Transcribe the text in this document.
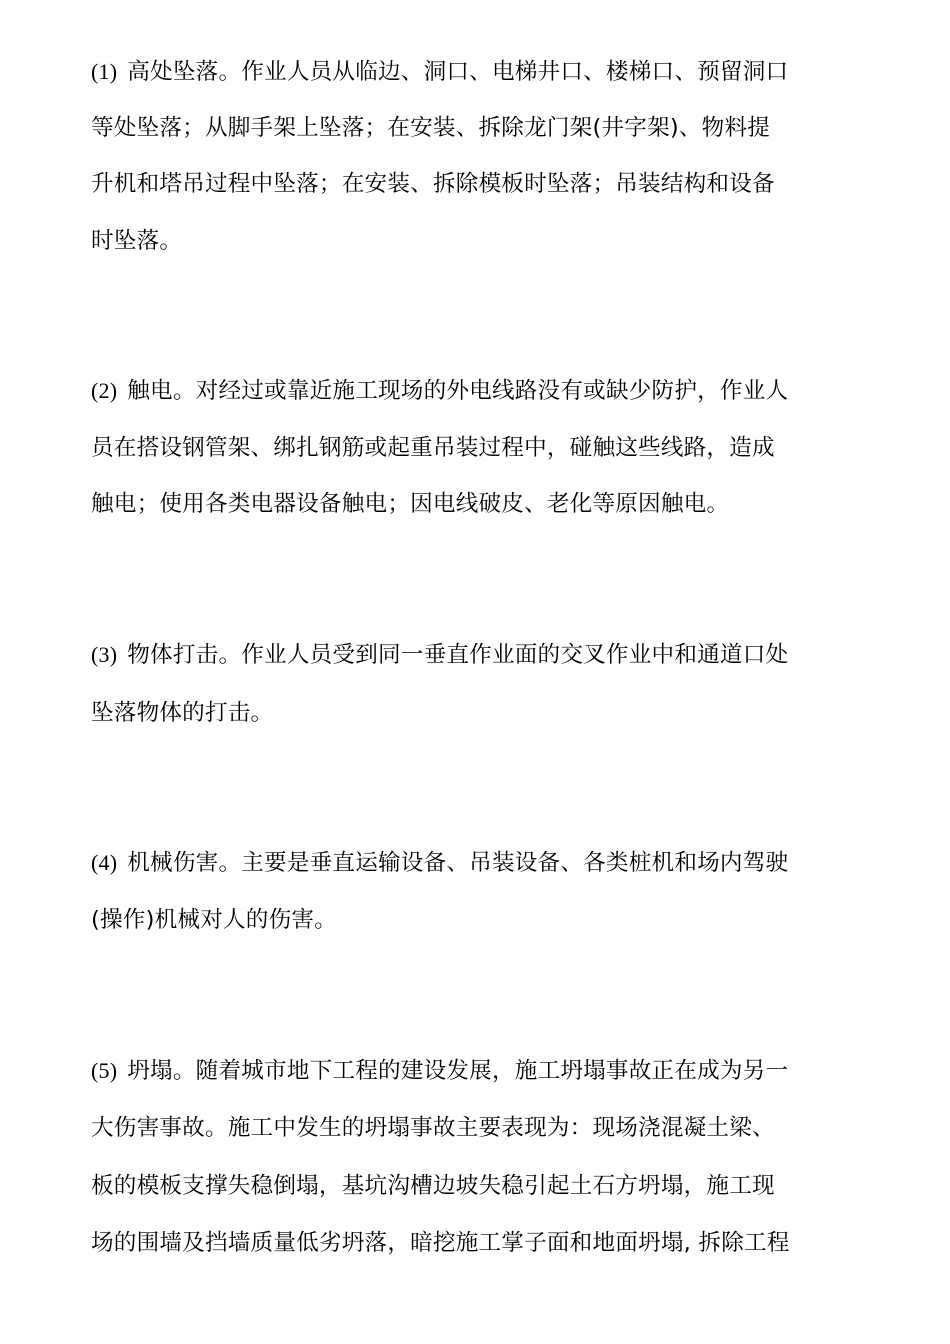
(1) 高处坠落。作业人员从临边、洞口、电梯井口、楼梯口、预留洞口
等处坠落；从脚手架上坠落；在安装、拆除龙门架(井字架)、物料提
升机和塔吊过程中坠落；在安装、拆除模板时坠落；吊装结构和设备
时坠落。
(2) 触电。对经过或靠近施工现场的外电线路没有或缺少防护，作业人
员在搭设钢管架、绑扎钢筋或起重吊装过程中，碰触这些线路，造成
触电；使用各类电器设备触电；因电线破皮、老化等原因触电。
(3) 物体打击。作业人员受到同一垂直作业面的交叉作业中和通道口处
坠落物体的打击。
(4) 机械伤害。主要是垂直运输设备、吊装设备、各类桩机和场内驾驶
(操作)机械对人的伤害。
(5) 坍塌。随着城市地下工程的建设发展，施工坍塌事故正在成为另一
大伤害事故。施工中发生的坍塌事故主要表现为：现场浇混凝土梁、
板的模板支撑失稳倒塌，基坑沟槽边坡失稳引起土石方坍塌，施工现
场的围墙及挡墙质量低劣坍落，暗挖施工掌子面和地面坍塌, 拆除工程
